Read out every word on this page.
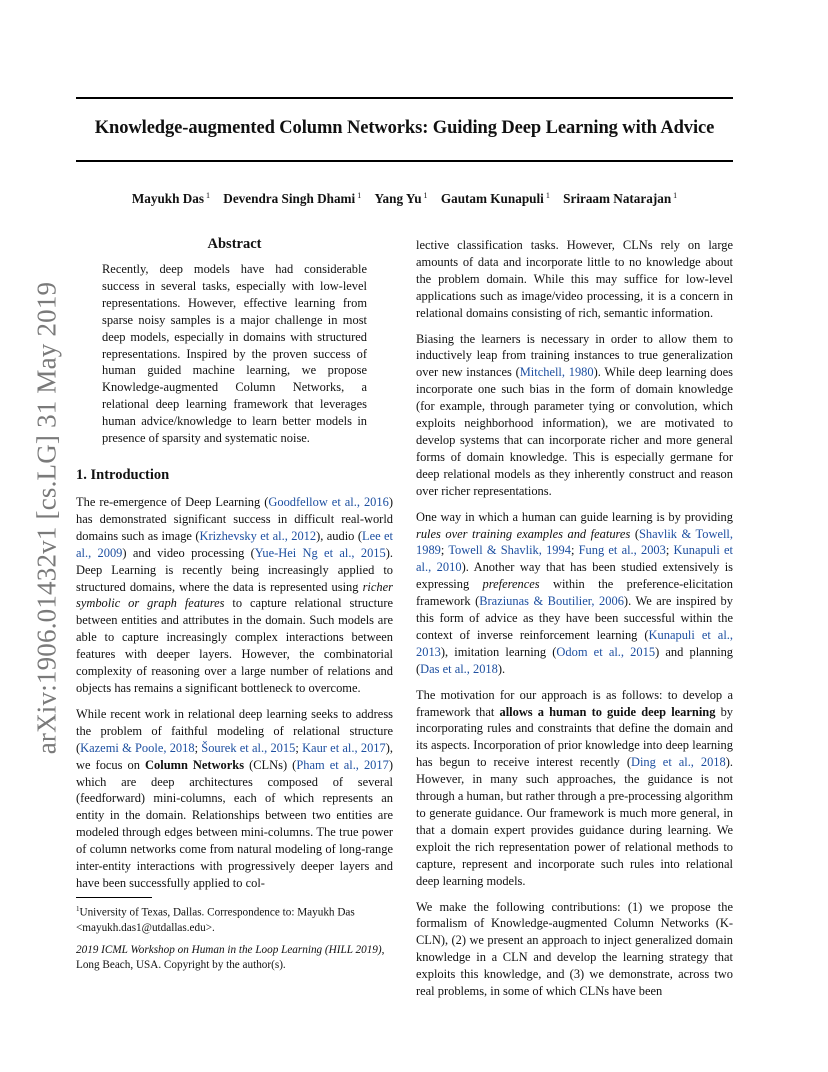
Knowledge-augmented Column Networks: Guiding Deep Learning with Advice
Mayukh Das $^1$ Devendra Singh Dhami $^1$ Yang Yu $^1$ Gautam Kunapuli $^1$ Sriraam Natarajan $^1$
arXiv:1906.01432v1 [cs.LG] 31 May 2019
Abstract
Recently, deep models have had considerable success in several tasks, especially with low-level representations. However, effective learning from sparse noisy samples is a major challenge in most deep models, especially in domains with structured representations. Inspired by the proven success of human guided machine learning, we propose Knowledge-augmented Column Networks, a relational deep learning framework that leverages human advice/knowledge to learn better models in presence of sparsity and systematic noise.
1. Introduction

The re-emergence of Deep Learning (Goodfellow et al., 2016) has demonstrated significant success in difficult real-world domains such as image (Krizhevsky et al., 2012), audio (Lee et al., 2009) and video processing (Yue-Hei Ng et al., 2015). Deep Learning is recently being increasingly applied to structured domains, where the data is represented using richer symbolic or graph features to capture relational structure between entities and attributes in the domain. Such models are able to capture increasingly complex interactions between features with deeper layers. However, the combinatorial complexity of reasoning over a large number of relations and objects has remains a significant bottleneck to overcome.

While recent work in relational deep learning seeks to address the problem of faithful modeling of relational structure (Kazemi & Poole, 2018; Šourek et al., 2015; Kaur et al., 2017), we focus on Column Networks (CLNs) (Pham et al., 2017) which are deep architectures composed of several (feedforward) mini-columns, each of which represents an entity in the domain. Relationships between two entities are modeled through edges between mini-columns. The true power of column networks come from natural modeling of long-range inter-entity interactions with progressively deeper layers and have been successfully applied to col-

$^1$University of Texas, Dallas. Correspondence to: Mayukh Das <mayukh.das1@utdallas.edu>.
2019 ICML Workshop on Human in the Loop Learning (HILL 2019), Long Beach, USA. Copyright by the author(s).

lective classification tasks. However, CLNs rely on large amounts of data and incorporate little to no knowledge about the problem domain. While this may suffice for low-level applications such as image/video processing, it is a concern in relational domains consisting of rich, semantic information.

Biasing the learners is necessary in order to allow them to inductively leap from training instances to true generalization over new instances (Mitchell, 1980). While deep learning does incorporate one such bias in the form of domain knowledge (for example, through parameter tying or convolution, which exploits neighborhood information), we are motivated to develop systems that can incorporate richer and more general forms of domain knowledge. This is especially germane for deep relational models as they inherently construct and reason over richer representations.

One way in which a human can guide learning is by providing rules over training examples and features (Shavlik & Towell, 1989; Towell & Shavlik, 1994; Fung et al., 2003; Kunapuli et al., 2010). Another way that has been studied extensively is expressing preferences within the preference-elicitation framework (Braziunas & Boutilier, 2006). We are inspired by this form of advice as they have been successful within the context of inverse reinforcement learning (Kunapuli et al., 2013), imitation learning (Odom et al., 2015) and planning (Das et al., 2018).

The motivation for our approach is as follows: to develop a framework that allows a human to guide deep learning by incorporating rules and constraints that define the domain and its aspects. Incorporation of prior knowledge into deep learning has begun to receive interest recently (Ding et al., 2018). However, in many such approaches, the guidance is not through a human, but rather through a pre-processing algorithm to generate guidance. Our framework is much more general, in that a domain expert provides guidance during learning. We exploit the rich representation power of relational methods to capture, represent and incorporate such rules into relational deep learning models.

We make the following contributions: (1) we propose the formalism of Knowledge-augmented Column Networks (K-CLN), (2) we present an approach to inject generalized domain knowledge in a CLN and develop the learning strategy that exploits this knowledge, and (3) we demonstrate, across two real problems, in some of which CLNs have been
